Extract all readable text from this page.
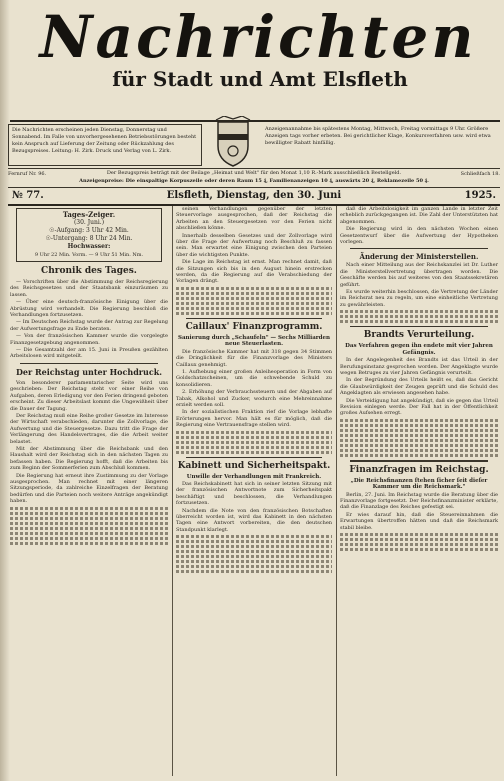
Nachrichten
für Stadt und Amt Elsfleth
Die Nachrichten erscheinen jeden Dienstag, Donnerstag und Sonnabend. Im Falle von unvorhergesehenen Betriebsstörungen besteht kein Anspruch auf Lieferung der Zeitung oder Rückzahlung des Bezugspreises. Leitung: H. Zirk. Druck und Verlag von L. Zirk.
Anzeigenannahme bis spätestens Montag, Mittwoch, Freitag vormittags 9 Uhr. Größere Anzeigen tags vorher erbeten. Bei gerichtlicher Klage, Konkursverfahren usw. wird etwa bewilligter Rabatt hinfällig.
Fernruf Nr. 96.	Der Bezugspreis beträgt mit der Beilage „Heimat und Welt" für den Monat 1,10 R.-Mark ausschließlich Bestellgeld.
Anzeigenpreise: Die einspaltige Korpuszeile oder deren Raum 15 ₰, Familienanzeigen 10 ₰, auswärts 20 ₰, Reklamezeile 50 ₰.
Schließfach 18.
№ 77.	Elsfleth, Dienstag, den 30. Juni	1925.
Tages-Zeiger.
(30. Juni.)
☉-Aufgang: 3 Uhr 42 Min.
☉-Untergang: 8 Uhr 24 Min.
Hochwasser:
9 Uhr 22 Min. Vorm. — 9 Uhr 51 Min. Nm.
Chronik des Tages.

— Vorschriften über die Abstimmung der Reichsregierung des Reichsgesetzes und der Staatsbank einzuräumen zu lassen.

— Über eine deutsch-französische Einigung über die Abrüstung wird verhandelt. Die Regierung beschloß die Verhandlungen fortzusetzen.

— Im Deutschen Reichstag wurde der Antrag zur Regelung der Aufwertungsfrage zu Ende beraten.

— Von der französischen Kammer wurde die vorgelegte Finanzgesetzgebung angenommen.

— Die Gesamtzahl der am 15. Juni in Preußen gezählten Arbeitslosen wird mitgeteilt.

Der Reichstag unter Hochdruck.

Von besonderer parlamentarischer Seite wird uns geschrieben: Der Reichstag steht vor einer Reihe von Aufgaben, deren Erledigung vor den Ferien dringend geboten erscheint. Zu dieser Arbeitslast kommt die Ungewißheit über die Dauer der Tagung.

Der Reichstag muß eine Reihe großer Gesetze im Interesse der Wirtschaft verabschieden, darunter die Zollvorlage, die Aufwertung und die Steuergesetze. Dazu tritt die Frage der Verlängerung des Handelsvertrages, die die Arbeit weiter belastet.

Mit der Abstimmung über die Reichsbank und den Haushalt wird der Reichstag sich in den nächsten Tagen zu befassen haben. Die Regierung hofft, daß die Arbeiten bis zum Beginn der Sommerferien zum Abschluß kommen.

Die Regierung hat erneut ihre Zustimmung zu der Vorlage ausgesprochen. Man rechnet mit einer längeren Sitzungsperiode, da zahlreiche Einzelfragen der Beratung bedürfen und die Parteien noch weitere Anträge angekündigt haben.

seinen Verhandlungen gegenüber der letzten Steuervorlage ausgesprochen, daß der Reichstag die Arbeiten an den Steuergesetzen vor den Ferien nicht abschließen könne.

Innerhalb desselben Gesetzes und der Zollvorlage wird über die Frage der Aufwertung noch Beschluß zu fassen sein. Man erwartet eine Einigung zwischen den Parteien über die wichtigsten Punkte.

Die Lage im Reichstag ist ernst. Man rechnet damit, daß die Sitzungen sich bis in den August hinein erstrecken werden, da die Regierung auf die Verabschiedung der Vorlagen drängt.

Caillaux' Finanzprogramm.
Sanierung durch „Schaufeln" — Sechs Milliarden neue Steuerlasten.

Die französische Kammer hat mit 318 gegen 34 Stimmen die Dringlichkeit für die Finanzvorlage des Ministers Caillaux genehmigt.

1. Aufhebung einer großen Anleiheoperation in Form von Goldschatzscheinen, um die schwebende Schuld zu konsolidieren.

2. Erhöhung der Verbrauchssteuern und der Abgaben auf Tabak, Alkohol und Zucker, wodurch eine Mehreinnahme erzielt werden soll.

In der sozialistischen Fraktion rief die Vorlage lebhafte Erörterungen hervor. Man hält es für möglich, daß die Regierung eine Vertrauensfrage stellen wird.

Kabinett und Sicherheitspakt.
Unwille der Verhandlungen mit Frankreich.

Das Reichskabinett hat sich in seiner letzten Sitzung mit der französischen Antwortnote zum Sicherheitspakt beschäftigt und beschlossen, die Verhandlungen fortzusetzen.

Nachdem die Note von den französischen Botschaften überreicht worden ist, wird das Kabinett in den nächsten Tagen eine Antwort vorbereiten, die den deutschen Standpunkt klarlegt.

daß die Arbeitslosigkeit im ganzen Lande in letzter Zeit erheblich zurückgegangen ist. Die Zahl der Unterstützten hat abgenommen.

Die Regierung wird in den nächsten Wochen einen Gesetzentwurf über die Aufwertung der Hypotheken vorlegen.

Änderung der Ministerstellen.

Nach einer Mitteilung aus der Reichskanzlei ist Dr. Luther die Ministerstellvertretung übertragen worden. Die Geschäfte werden bis auf weiteres von den Staatssekretären geführt.

Es wurde weiterhin beschlossen, die Vertretung der Länder im Reichsrat neu zu regeln, um eine einheitliche Vertretung zu gewährleisten.

Brandts Verurteilung.
Das Verfahren gegen ihn endete mit vier Jahren Gefängnis.

In der Angelegenheit des Brandts ist das Urteil in der Berufungsinstanz gesprochen worden. Der Angeklagte wurde wegen Betruges zu vier Jahren Gefängnis verurteilt.

In der Begründung des Urteils heißt es, daß das Gericht die Glaubwürdigkeit der Zeugen geprüft und die Schuld des Angeklagten als erwiesen angesehen habe.

Die Verteidigung hat angekündigt, daß sie gegen das Urteil Revision einlegen werde. Der Fall hat in der Öffentlichkeit großes Aufsehen erregt.

Finanzfragen im Reichstag.
„Die Reichsfinanzen ſtehen ſicher ſeit dieſer Kammer um die Reichsmark."

Berlin, 27. Juni. Im Reichstag wurde die Beratung über die Finanzvorlage fortgesetzt. Der Reichsfinanzminister erklärte, daß die Finanzlage des Reiches gefestigt sei.

Er wies darauf hin, daß die Steuereinnahmen die Erwartungen übertroffen hätten und daß die Reichsmark stabil bleibe.
